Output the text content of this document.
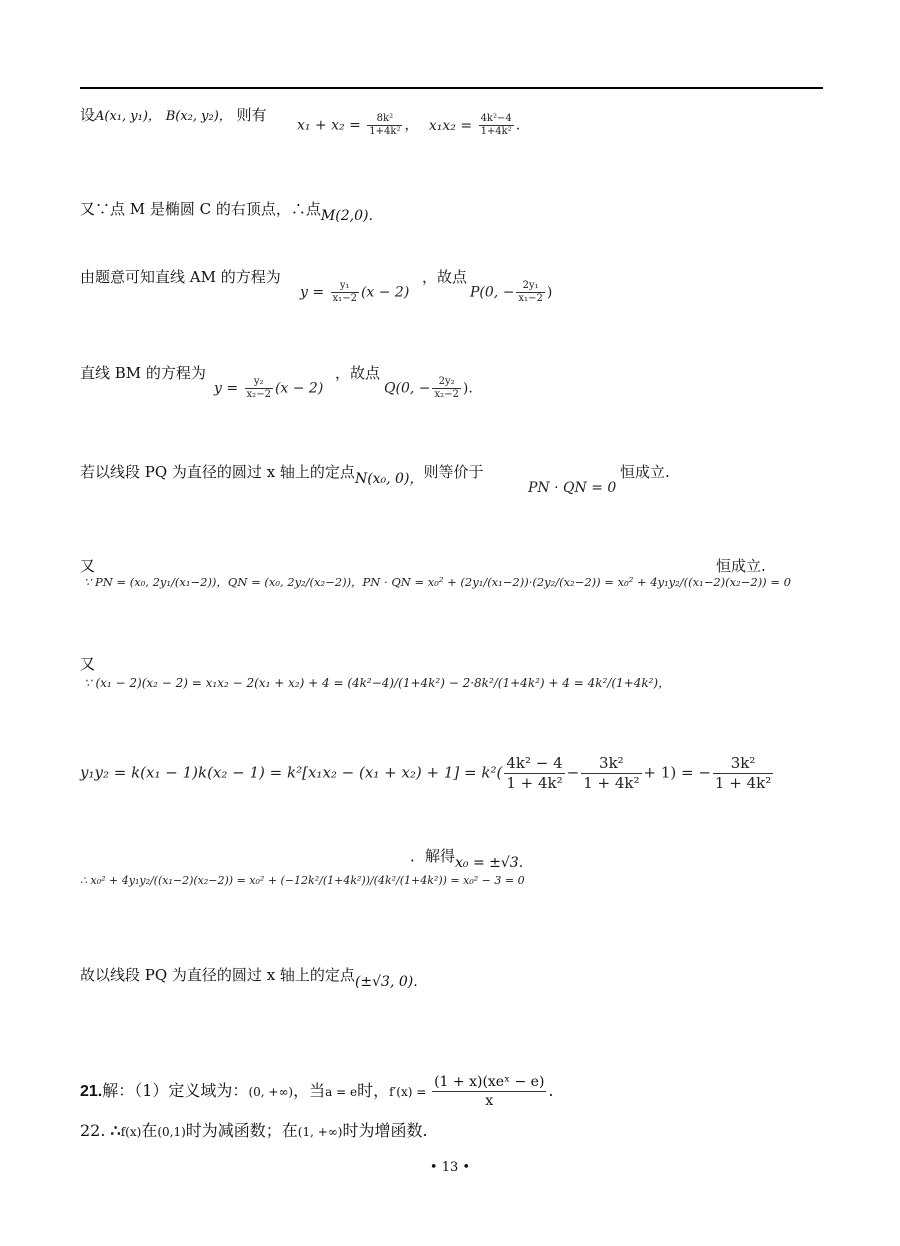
设A(x₁, y₁)， B(x₂, y₂)， 则有
$x_1 + x_2 = \frac{\text{8k²}}{\text{1+4k²}}$ ， $x_1x_2 = \frac{\text{4k²−4}}{\text{1+4k²}}$ .
又∵点 M 是椭圆 C 的右顶点，∴点M(2,0).
由题意可知直线 AM 的方程为
$y = \frac{\text{y₁}}{\text{x₁−2}} (x - 2)$
，故点
P(0, − $\frac{\text{2y₁}}{\text{x₁−2}}$ )
直线 BM 的方程为
$y = \frac{\text{y₂}}{\text{x₂−2}} (x - 2)$
，故点
Q(0, − $\frac{\text{2y₂}}{\text{x₂−2}}$ ).
若以线段 PQ 为直径的圆过 x 轴上的定点N(x₀, 0)，则等价于
PN · QN = 0
恒成立.
又
∵ PN = (x₀, 2y₁/(x₁−2))，QN = (x₀, 2y₂/(x₂−2))，PN · QN = x₀² + (2y₁/(x₁−2))·(2y₂/(x₂−2)) = x₀² + 4y₁y₂/((x₁−2)(x₂−2)) = 0
恒成立.
又
∵ (x₁ − 2)(x₂ − 2) = x₁x₂ − 2(x₁ + x₂) + 4 = (4k²−4)/(1+4k²) − 2·8k²/(1+4k²) + 4 = 4k²/(1+4k²)，
$y_1y_2 = k(x_1 - 1)k(x_2 - 1) = k^2[x_1x_2 - (x_1 + x_2) + 1] = k^2( \frac{\text{4k² − 4}}{\text{1 + 4k²}} - \frac{\text{3k²}}{\text{1 + 4k²}} + 1)$ = − $\frac{\text{3k²}}{\text{1 + 4k²}}$
∴ x₀² + 4y₁y₂/((x₁−2)(x₂−2)) = x₀² + (−12k²/(1+4k²))/(4k²/(1+4k²)) = x₀² − 3 = 0
．解得x₀ = ±√3.
故以线段 PQ 为直径的圆过 x 轴上的定点(±√3, 0).
21.解：（1）定义域为：(0, +∞)，当a = e时，$f'(x) = \frac{\text{(1 + x)(xeˣ − e)}}{x}$ .
22. ∴f(x)在(0,1)时为减函数；在(1, +∞)时为增函数.
• 13 •
